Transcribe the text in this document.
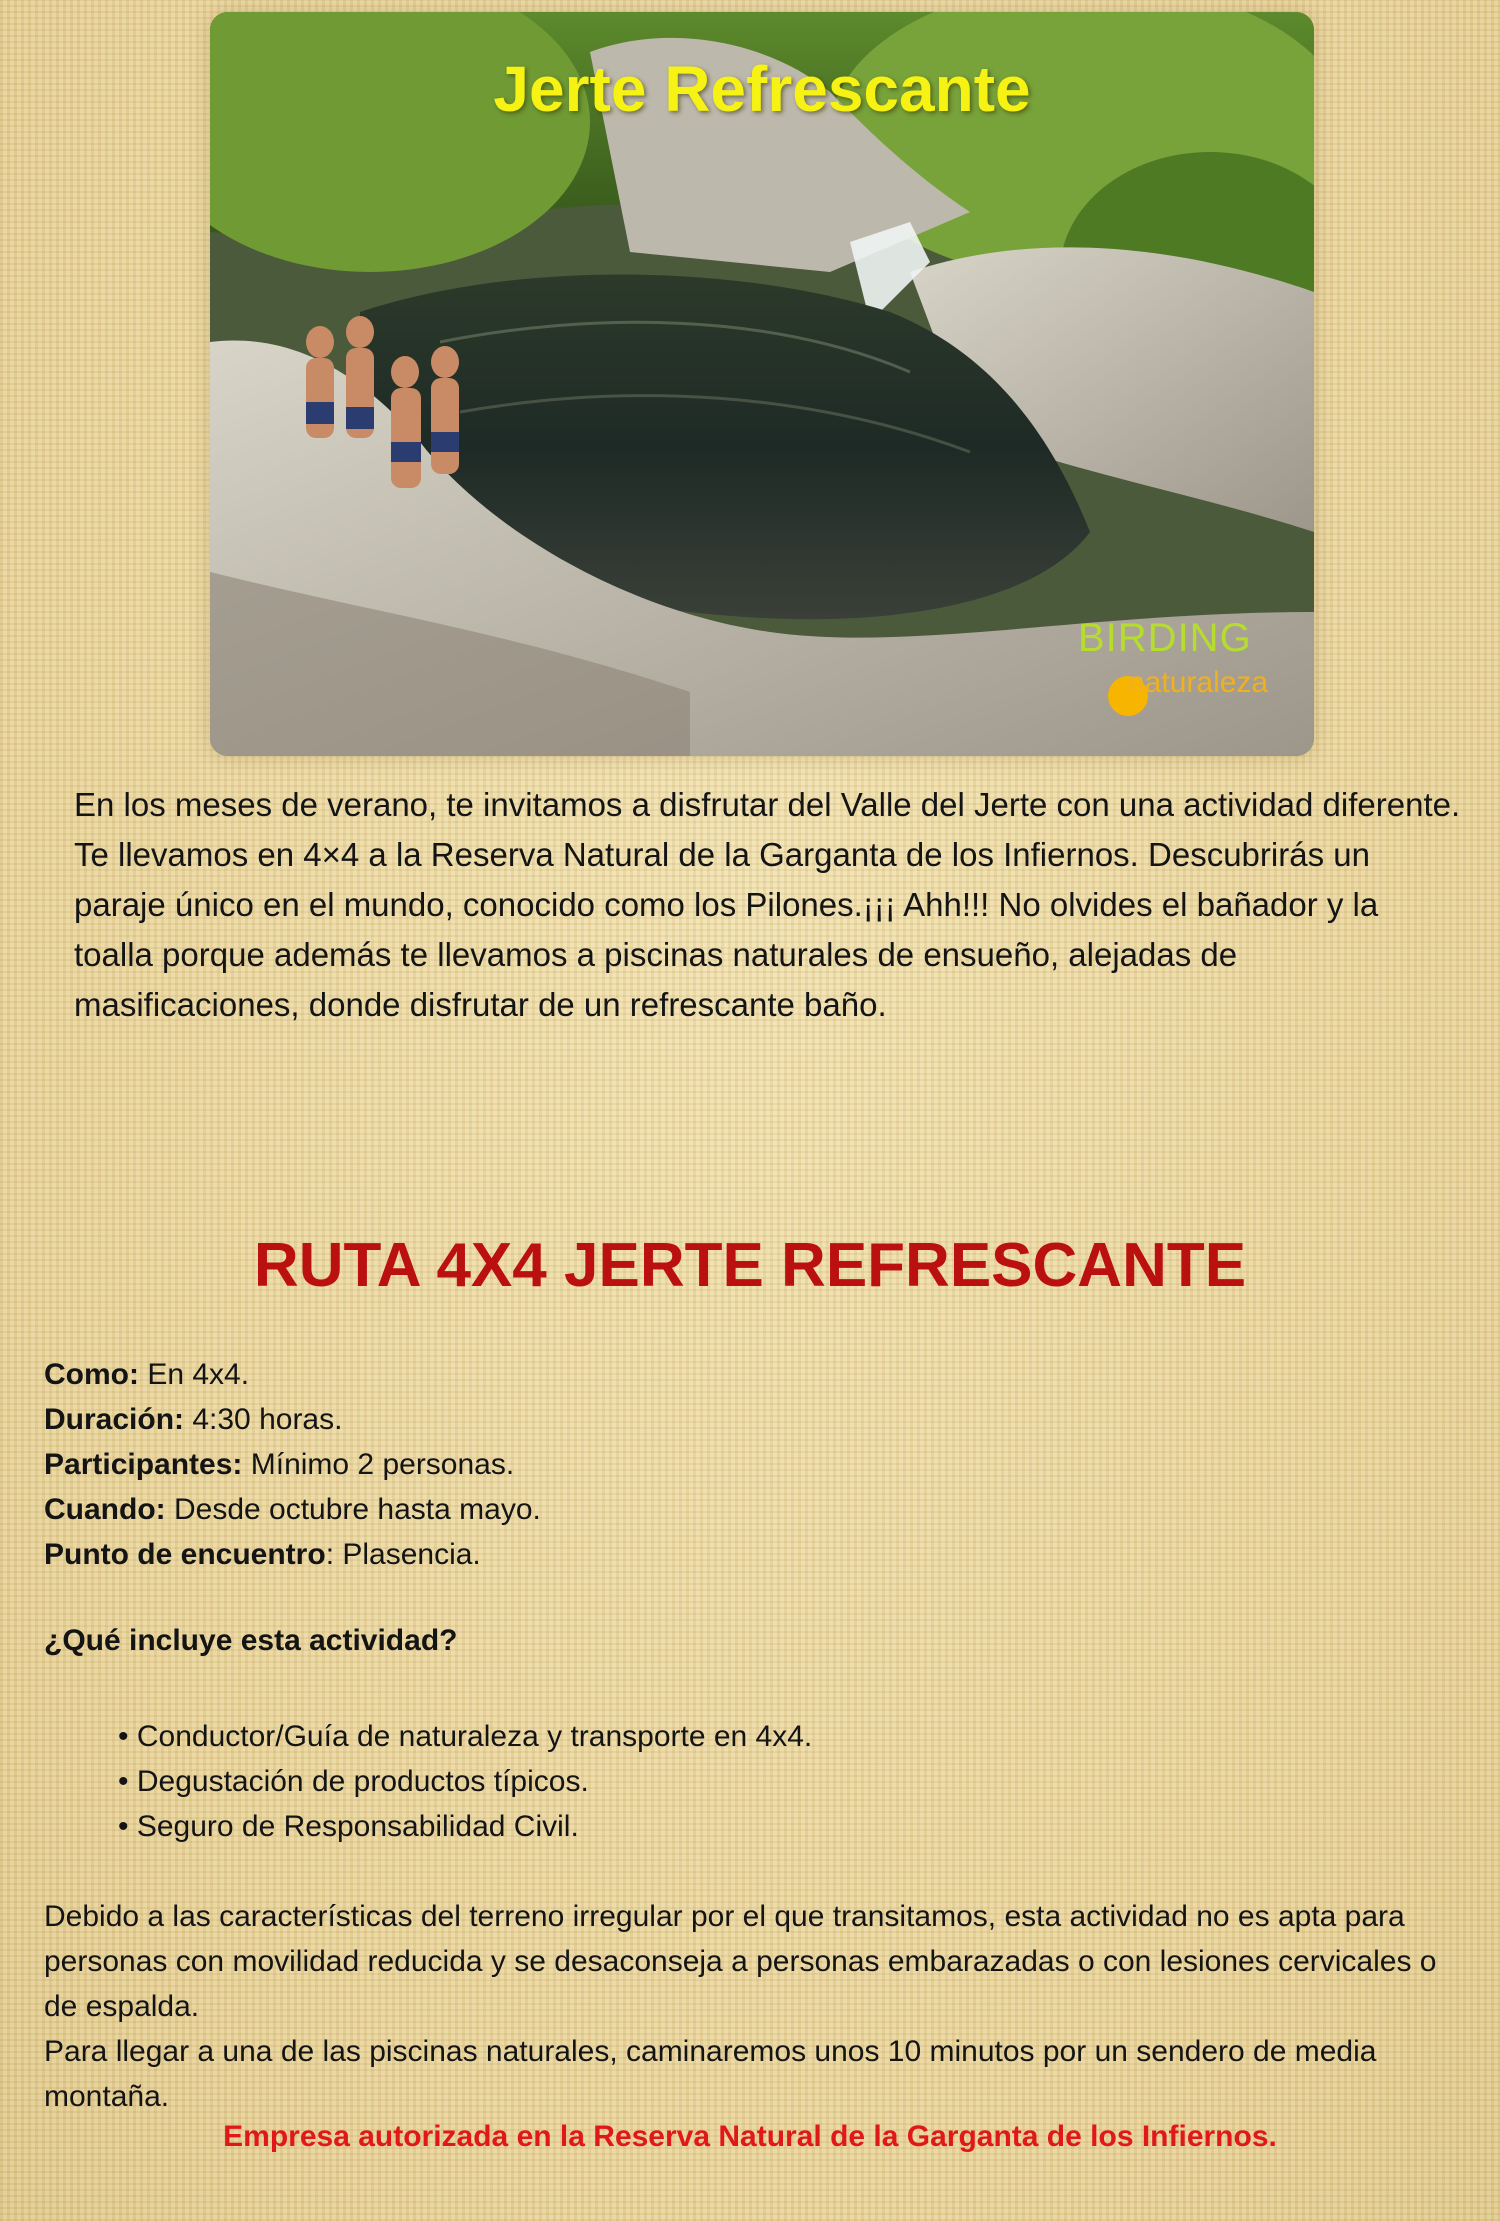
Jerte Refrescante
BIRDING
naturaleza
En los meses de verano, te invitamos a disfrutar del Valle del Jerte con una actividad diferente. Te llevamos en 4×4 a la Reserva Natural de la Garganta de los Infiernos. Descubrirás un paraje único en el mundo, conocido como los Pilones.¡¡¡ Ahh!!! No olvides el bañador y la toalla porque además te llevamos a piscinas naturales de ensueño, alejadas de masificaciones, donde disfrutar de un refrescante baño.
RUTA 4X4 JERTE REFRESCANTE
Como: En 4x4.
Duración: 4:30 horas.
Participantes: Mínimo 2 personas.
Cuando: Desde octubre hasta mayo.
Punto de encuentro: Plasencia.
¿Qué incluye esta actividad?
• Conductor/Guía de naturaleza y transporte en 4x4.
• Degustación de productos típicos.
• Seguro de Responsabilidad Civil.
Debido a las características del terreno irregular por el que transitamos, esta actividad no es apta para personas con movilidad reducida y se desaconseja a personas embarazadas o con lesiones cervicales o de espalda.
Para llegar a una de las piscinas naturales, caminaremos unos 10 minutos por un sendero de media montaña.
Empresa autorizada en la Reserva Natural de la Garganta de los Infiernos.
